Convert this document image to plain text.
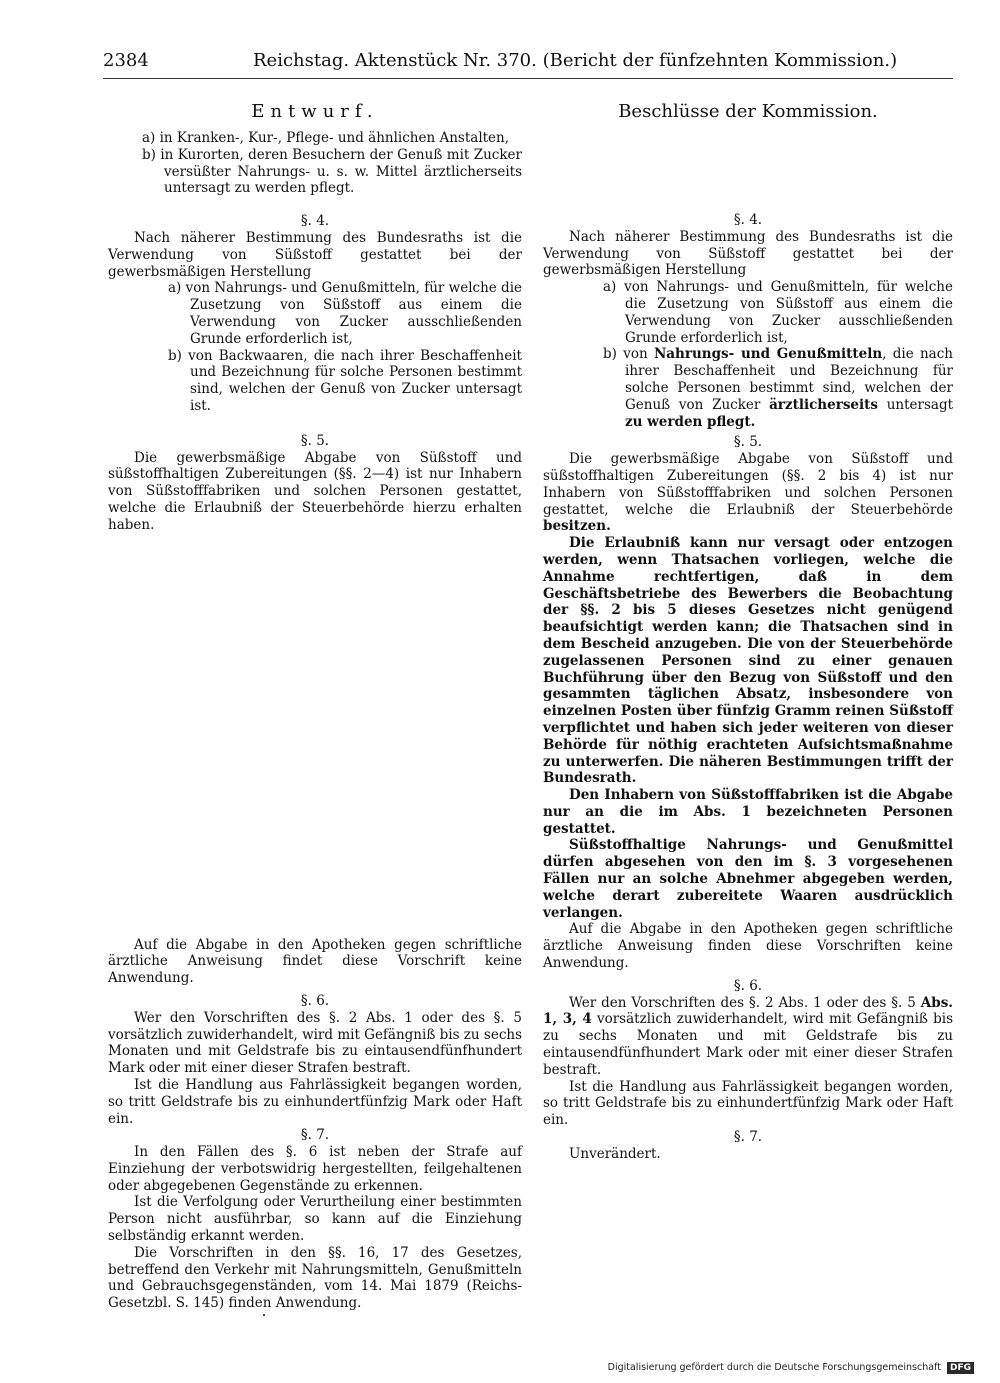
2384	Reichstag. Aktenstück Nr. 370. (Bericht der fünfzehnten Kommission.)

Entwurf.

a) in Kranken-, Kur-, Pflege- und ähnlichen Anstalten,

b) in Kurorten, deren Besuchern der Genuß mit Zucker versüßter Nahrungs- u. s. w. Mittel ärztlicherseits untersagt zu werden pflegt.

§. 4.

Nach näherer Bestimmung des Bundesraths ist die Verwendung von Süßstoff gestattet bei der gewerbsmäßigen Herstellung

a) von Nahrungs- und Genußmitteln, für welche die Zusetzung von Süßstoff aus einem die Verwendung von Zucker ausschließenden Grunde erforderlich ist,

b) von Backwaaren, die nach ihrer Beschaffenheit und Bezeichnung für solche Personen bestimmt sind, welchen der Genuß von Zucker untersagt ist.

§. 5.

Die gewerbsmäßige Abgabe von Süßstoff und süßstoffhaltigen Zubereitungen (§§. 2—4) ist nur Inhabern von Süßstofffabriken und solchen Personen gestattet, welche die Erlaubniß der Steuerbehörde hierzu erhalten haben.

Auf die Abgabe in den Apotheken gegen schriftliche ärztliche Anweisung findet diese Vorschrift keine Anwendung.

§. 6.

Wer den Vorschriften des §. 2 Abs. 1 oder des §. 5 vorsätzlich zuwiderhandelt, wird mit Gefängniß bis zu sechs Monaten und mit Geldstrafe bis zu eintausendfünfhundert Mark oder mit einer dieser Strafen bestraft.

Ist die Handlung aus Fahrlässigkeit begangen worden, so tritt Geldstrafe bis zu einhundertfünfzig Mark oder Haft ein.

§. 7.

In den Fällen des §. 6 ist neben der Strafe auf Einziehung der verbotswidrig hergestellten, feilgehaltenen oder abgegebenen Gegenstände zu erkennen.

Ist die Verfolgung oder Verurtheilung einer bestimmten Person nicht ausführbar, so kann auf die Einziehung selbständig erkannt werden.

Die Vorschriften in den §§. 16, 17 des Gesetzes, betreffend den Verkehr mit Nahrungsmitteln, Genußmitteln und Gebrauchsgegenständen, vom 14. Mai 1879 (Reichs-Gesetzbl. S. 145) finden Anwendung.

Beschlüsse der Kommission.

§. 4.

Nach näherer Bestimmung des Bundesraths ist die Verwendung von Süßstoff gestattet bei der gewerbsmäßigen Herstellung

a) von Nahrungs- und Genußmitteln, für welche die Zusetzung von Süßstoff aus einem die Verwendung von Zucker ausschließenden Grunde erforderlich ist,

b) von Nahrungs- und Genußmitteln, die nach ihrer Beschaffenheit und Bezeichnung für solche Personen bestimmt sind, welchen der Genuß von Zucker ärztlicherseits untersagt zu werden pflegt.

§. 5.

Die gewerbsmäßige Abgabe von Süßstoff und süßstoffhaltigen Zubereitungen (§§. 2 bis 4) ist nur Inhabern von Süßstofffabriken und solchen Personen gestattet, welche die Erlaubniß der Steuerbehörde besitzen.

Die Erlaubniß kann nur versagt oder entzogen werden, wenn Thatsachen vorliegen, welche die Annahme rechtfertigen, daß in dem Geschäftsbetriebe des Bewerbers die Beobachtung der §§. 2 bis 5 dieses Gesetzes nicht genügend beaufsichtigt werden kann; die Thatsachen sind in dem Bescheid anzugeben. Die von der Steuerbehörde zugelassenen Personen sind zu einer genauen Buchführung über den Bezug von Süßstoff und den gesammten täglichen Absatz, insbesondere von einzelnen Posten über fünfzig Gramm reinen Süßstoff verpflichtet und haben sich jeder weiteren von dieser Behörde für nöthig erachteten Aufsichtsmaßnahme zu unterwerfen. Die näheren Bestimmungen trifft der Bundesrath.

Den Inhabern von Süßstofffabriken ist die Abgabe nur an die im Abs. 1 bezeichneten Personen gestattet.

Süßstoffhaltige Nahrungs- und Genußmittel dürfen abgesehen von den im §. 3 vorgesehenen Fällen nur an solche Abnehmer abgegeben werden, welche derart zubereitete Waaren ausdrücklich verlangen.

Auf die Abgabe in den Apotheken gegen schriftliche ärztliche Anweisung finden diese Vorschriften keine Anwendung.

§. 6.

Wer den Vorschriften des §. 2 Abs. 1 oder des §. 5 Abs. 1, 3, 4 vorsätzlich zuwiderhandelt, wird mit Gefängniß bis zu sechs Monaten und mit Geldstrafe bis zu eintausendfünfhundert Mark oder mit einer dieser Strafen bestraft.

Ist die Handlung aus Fahrlässigkeit begangen worden, so tritt Geldstrafe bis zu einhundertfünfzig Mark oder Haft ein.

§. 7.

Unverändert.

Digitalisierung gefördert durch die Deutsche Forschungsgemeinschaft DFG
